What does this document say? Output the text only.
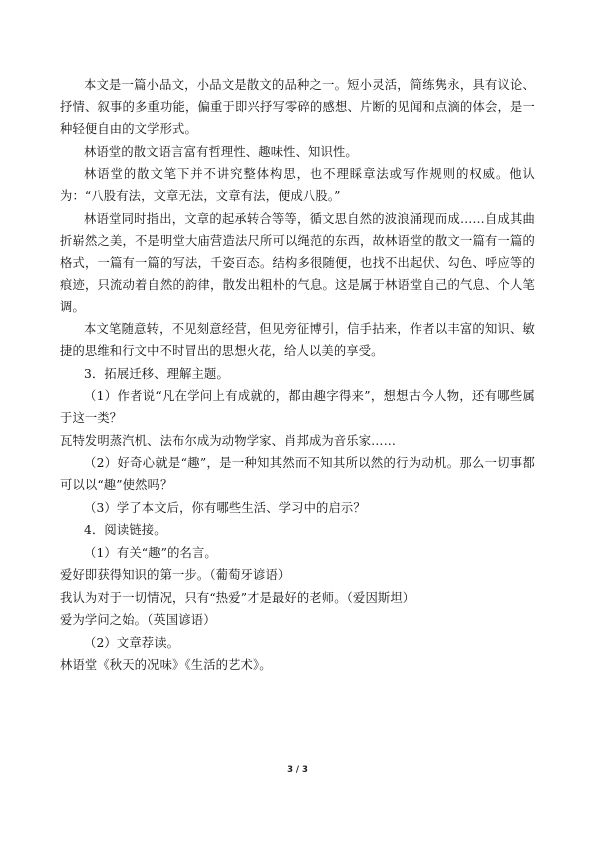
本文是一篇小品文，小品文是散文的品种之一。短小灵活，简练隽永，具有议论、抒情、叙事的多重功能，偏重于即兴抒写零碎的感想、片断的见闻和点滴的体会，是一种轻便自由的文学形式。

林语堂的散文语言富有哲理性、趣味性、知识性。

林语堂的散文笔下并不讲究整体构思，也不理睬章法或写作规则的权威。他认为：“八股有法，文章无法，文章有法，便成八股。”

林语堂同时指出，文章的起承转合等等，循文思自然的波浪涌现而成……自成其曲折崭然之美，不是明堂大庙营造法尺所可以绳范的东西，故林语堂的散文一篇有一篇的格式，一篇有一篇的写法，千姿百态。结构多很随便，也找不出起伏、勾色、呼应等的痕迹，只流动着自然的韵律，散发出粗朴的气息。这是属于林语堂自己的气息、个人笔调。

本文笔随意转，不见刻意经营，但见旁征博引，信手拈来，作者以丰富的知识、敏捷的思维和行文中不时冒出的思想火花，给人以美的享受。

3．拓展迁移、理解主题。

（1）作者说“凡在学问上有成就的，都由趣字得来”，想想古今人物，还有哪些属于这一类？

瓦特发明蒸汽机、法布尔成为动物学家、肖邦成为音乐家……

（2）好奇心就是“趣”，是一种知其然而不知其所以然的行为动机。那么一切事都可以以“趣”使然吗？

（3）学了本文后，你有哪些生活、学习中的启示？

4．阅读链接。

（1）有关“趣”的名言。

爱好即获得知识的第一步。（葡萄牙谚语）

我认为对于一切情况，只有“热爱”才是最好的老师。（爱因斯坦）

爱为学问之始。（英国谚语）

（2）文章荐读。

林语堂《秋天的况味》《生活的艺术》。

3 / 3
